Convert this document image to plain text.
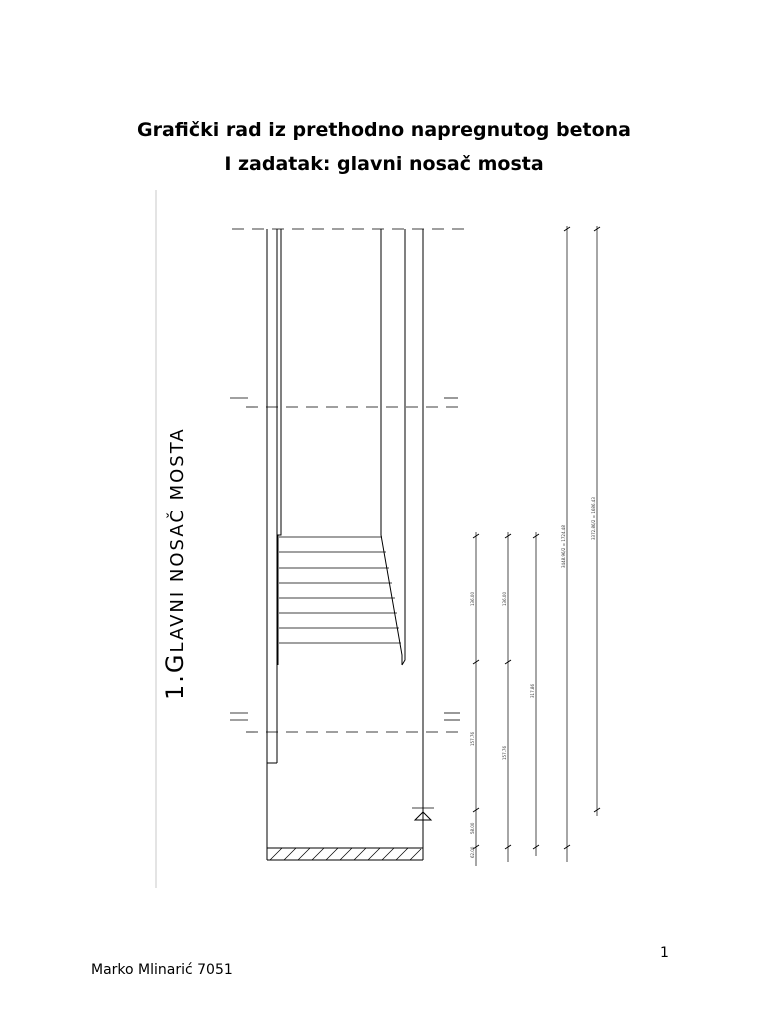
Grafički rad iz prethodno napregnutog betona
I zadatak: glavni nosač mosta
1.GLAVNI NOSAČ MOSTA	136.00	136.00
157.76
157.76
317.86
58.00
62.00
3448.96/2 = 1724.48
3372.86/2 = 1686.43
1
Marko Mlinarić 7051
